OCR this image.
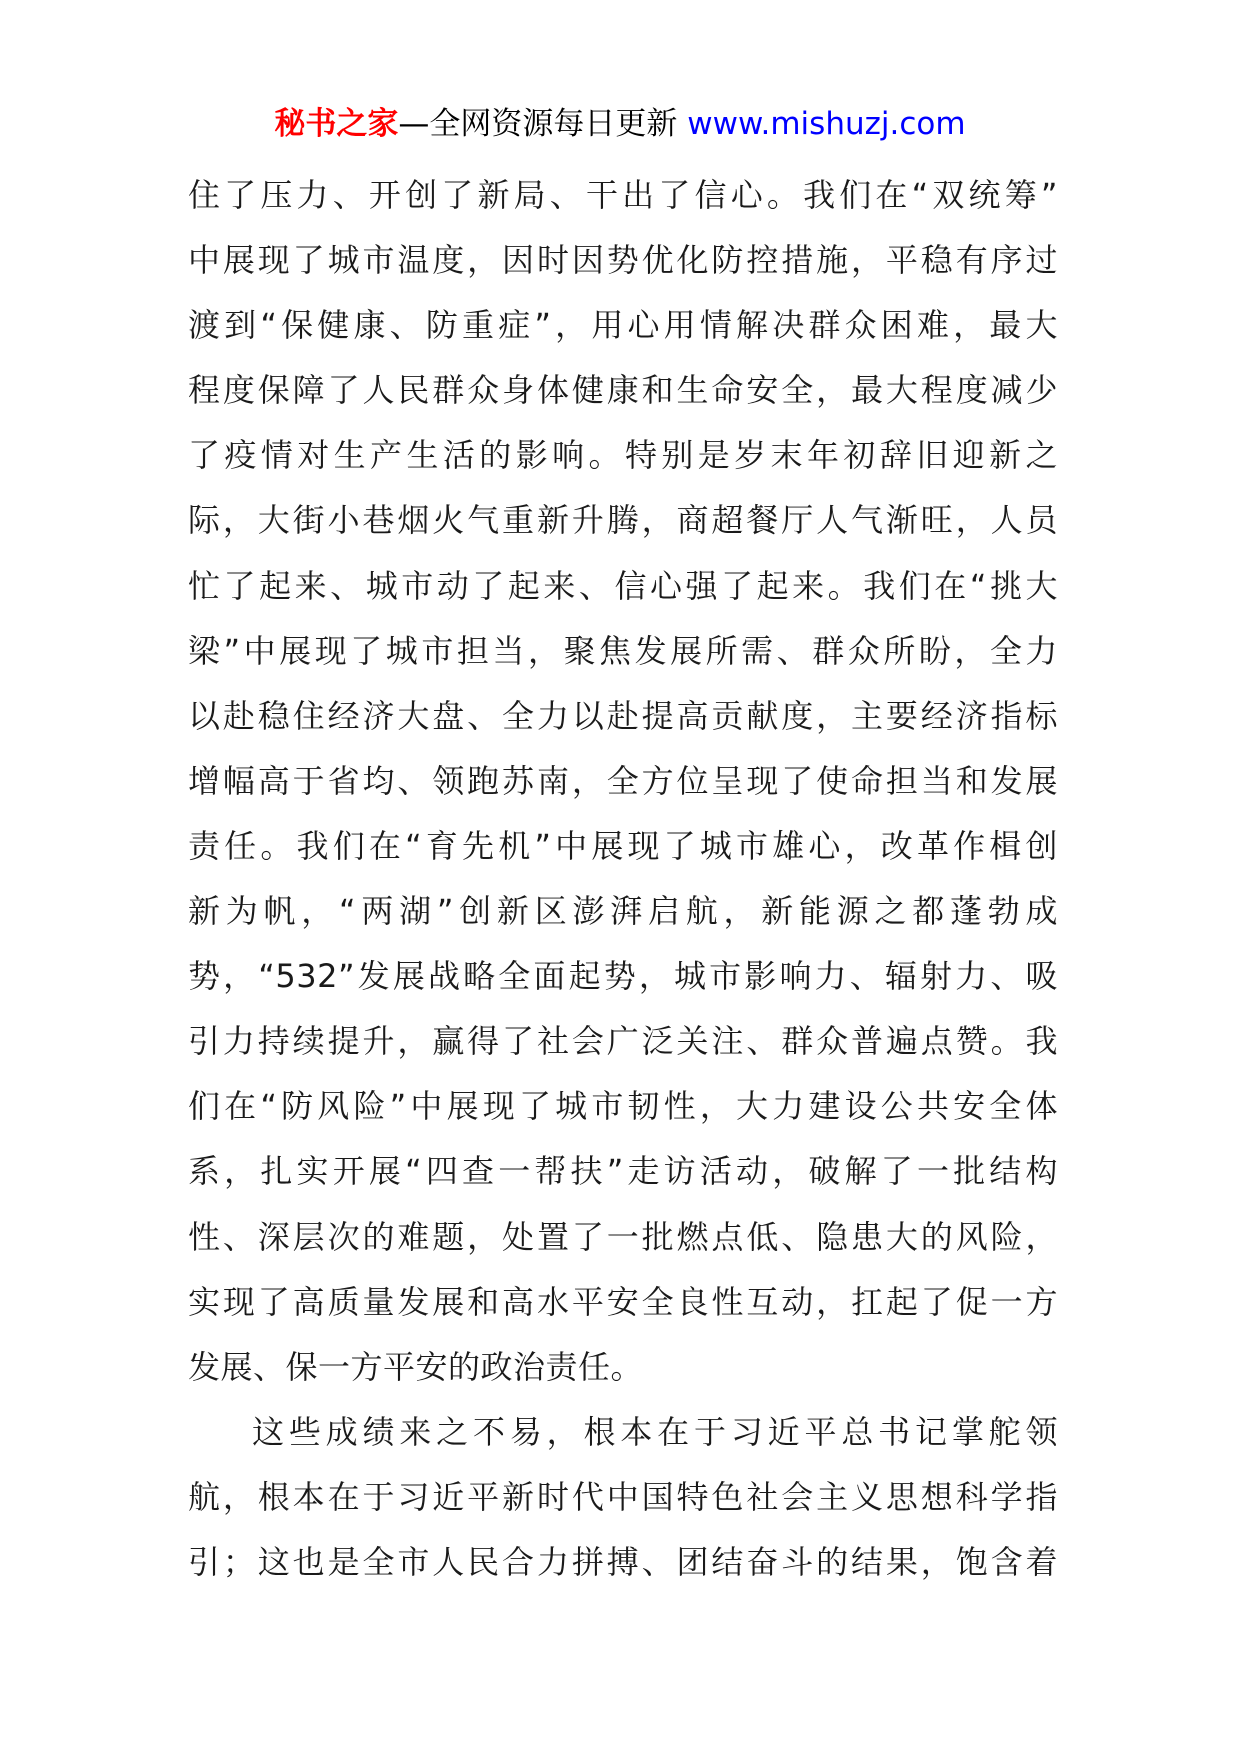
秘书之家—全网资源每日更新 www.mishuzj.com
住了压力、开创了新局、干出了信心。我们在“双统筹”
中展现了城市温度，因时因势优化防控措施，平稳有序过
渡到“保健康、防重症”，用心用情解决群众困难，最大
程度保障了人民群众身体健康和生命安全，最大程度减少
了疫情对生产生活的影响。特别是岁末年初辞旧迎新之
际，大街小巷烟火气重新升腾，商超餐厅人气渐旺，人员
忙了起来、城市动了起来、信心强了起来。我们在“挑大
梁”中展现了城市担当，聚焦发展所需、群众所盼，全力
以赴稳住经济大盘、全力以赴提高贡献度，主要经济指标
增幅高于省均、领跑苏南，全方位呈现了使命担当和发展
责任。我们在“育先机”中展现了城市雄心，改革作楫创
新为帆，“两湖”创新区澎湃启航，新能源之都蓬勃成
势，“532”发展战略全面起势，城市影响力、辐射力、吸
引力持续提升，赢得了社会广泛关注、群众普遍点赞。我
们在“防风险”中展现了城市韧性，大力建设公共安全体
系，扎实开展“四查一帮扶”走访活动，破解了一批结构
性、深层次的难题，处置了一批燃点低、隐患大的风险，
实现了高质量发展和高水平安全良性互动，扛起了促一方
发展、保一方平安的政治责任。
这些成绩来之不易，根本在于习近平总书记掌舵领
航，根本在于习近平新时代中国特色社会主义思想科学指
引；这也是全市人民合力拼搏、团结奋斗的结果，饱含着
